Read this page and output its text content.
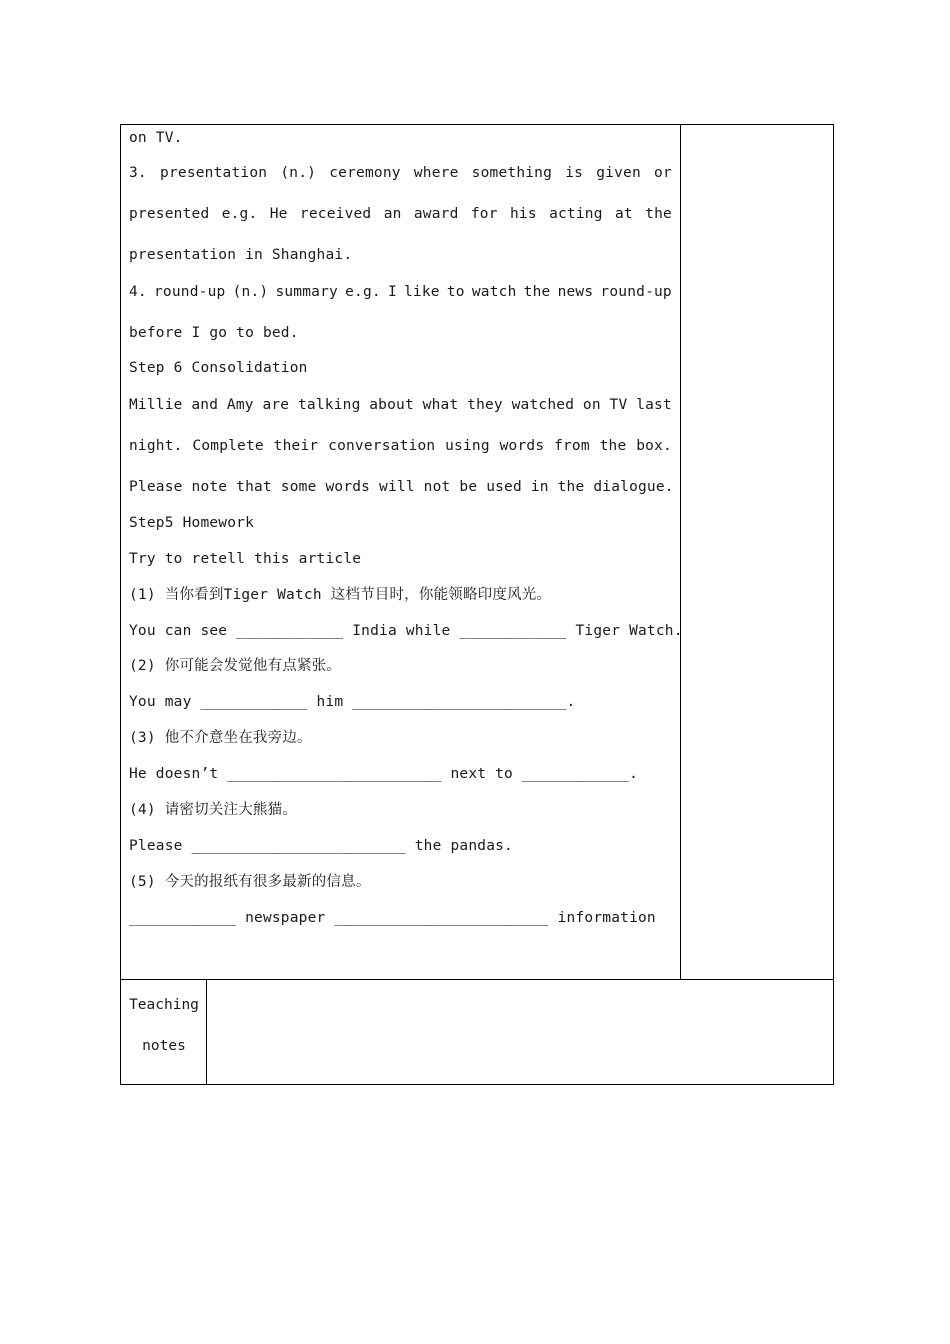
on TV.
3. presentation (n.) ceremony where something is given or
presented e.g. He received an award for his acting at the
presentation in Shanghai.
4. round-up (n.) summary e.g. I like to watch the news round-up
before I go to bed.
Step 6 Consolidation
Millie and Amy are talking about what they watched on TV last
night. Complete their conversation using words from the box.
Please note that some words will not be used in the dialogue.
Step5 Homework
Try to retell this article
(1) 当你看到Tiger Watch 这档节目时，你能领略印度风光。
You can see ____________ India while ____________ Tiger Watch.
(2) 你可能会发觉他有点紧张。
You may ____________ him ________________________.
(3) 他不介意坐在我旁边。
He doesn’t ________________________ next to ____________.
(4) 请密切关注大熊猫。
Please ________________________ the pandas.
(5) 今天的报纸有很多最新的信息。
____________ newspaper ________________________ information
Teaching
notes
